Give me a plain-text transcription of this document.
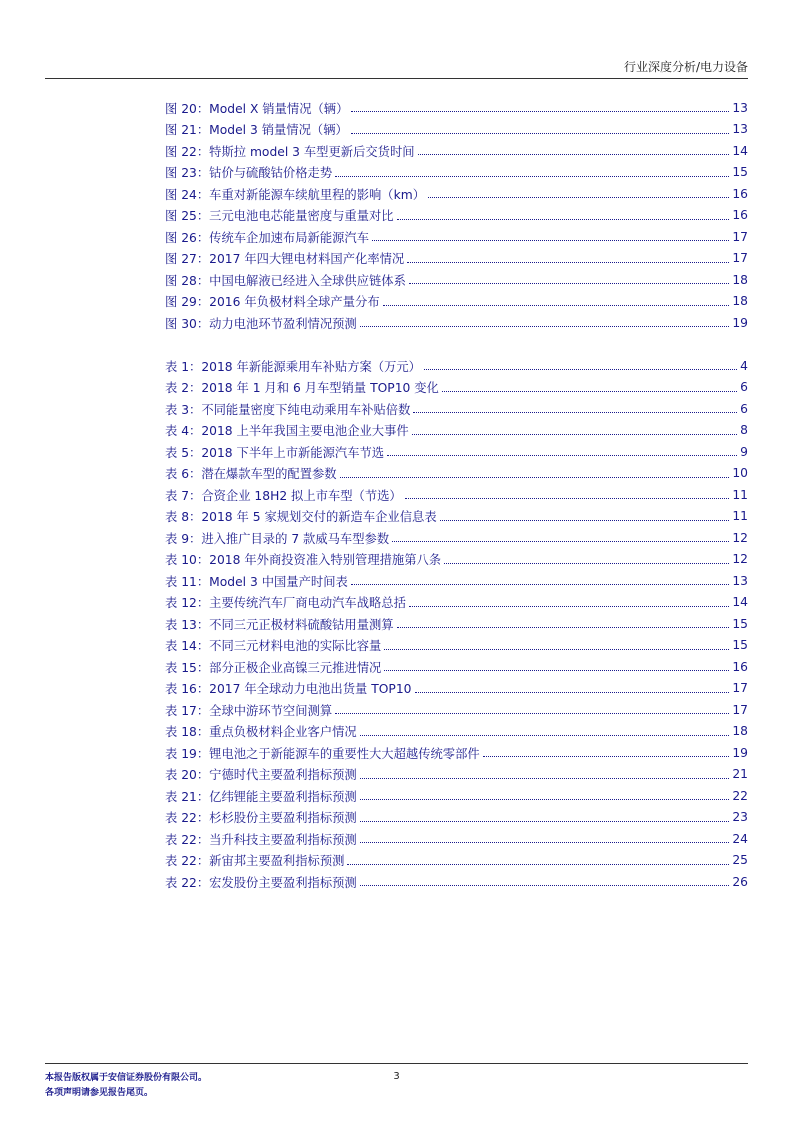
行业深度分析/电力设备
图 20：Model X 销量情况（辆）	13
图 21：Model 3 销量情况（辆）	13
图 22：特斯拉 model 3 车型更新后交货时间	14
图 23：钴价与硫酸钴价格走势	15
图 24：车重对新能源车续航里程的影响（km）	16
图 25：三元电池电芯能量密度与重量对比	16
图 26：传统车企加速布局新能源汽车	17
图 27：2017 年四大锂电材料国产化率情况	17
图 28：中国电解液已经进入全球供应链体系	18
图 29：2016 年负极材料全球产量分布	18
图 30：动力电池环节盈利情况预测	19
表 1：2018 年新能源乘用车补贴方案（万元）	4
表 2：2018 年 1 月和 6 月车型销量 TOP10 变化	6
表 3：不同能量密度下纯电动乘用车补贴倍数	6
表 4：2018 上半年我国主要电池企业大事件	8
表 5：2018 下半年上市新能源汽车节选	9
表 6：潜在爆款车型的配置参数	10
表 7：合资企业 18H2 拟上市车型（节选）	11
表 8：2018 年 5 家规划交付的新造车企业信息表	11
表 9：进入推广目录的 7 款威马车型参数	12
表 10：2018 年外商投资准入特别管理措施第八条	12
表 11：Model 3 中国量产时间表	13
表 12：主要传统汽车厂商电动汽车战略总括	14
表 13：不同三元正极材料硫酸钴用量测算	15
表 14：不同三元材料电池的实际比容量	15
表 15：部分正极企业高镍三元推进情况	16
表 16：2017 年全球动力电池出货量 TOP10	17
表 17：全球中游环节空间测算	17
表 18：重点负极材料企业客户情况	18
表 19：锂电池之于新能源车的重要性大大超越传统零部件	19
表 20：宁德时代主要盈利指标预测	21
表 21：亿纬锂能主要盈利指标预测	22
表 22：杉杉股份主要盈利指标预测	23
表 22：当升科技主要盈利指标预测	24
表 22：新宙邦主要盈利指标预测	25
表 22：宏发股份主要盈利指标预测	26
本报告版权属于安信证券股份有限公司。
各项声明请参见报告尾页。
3
